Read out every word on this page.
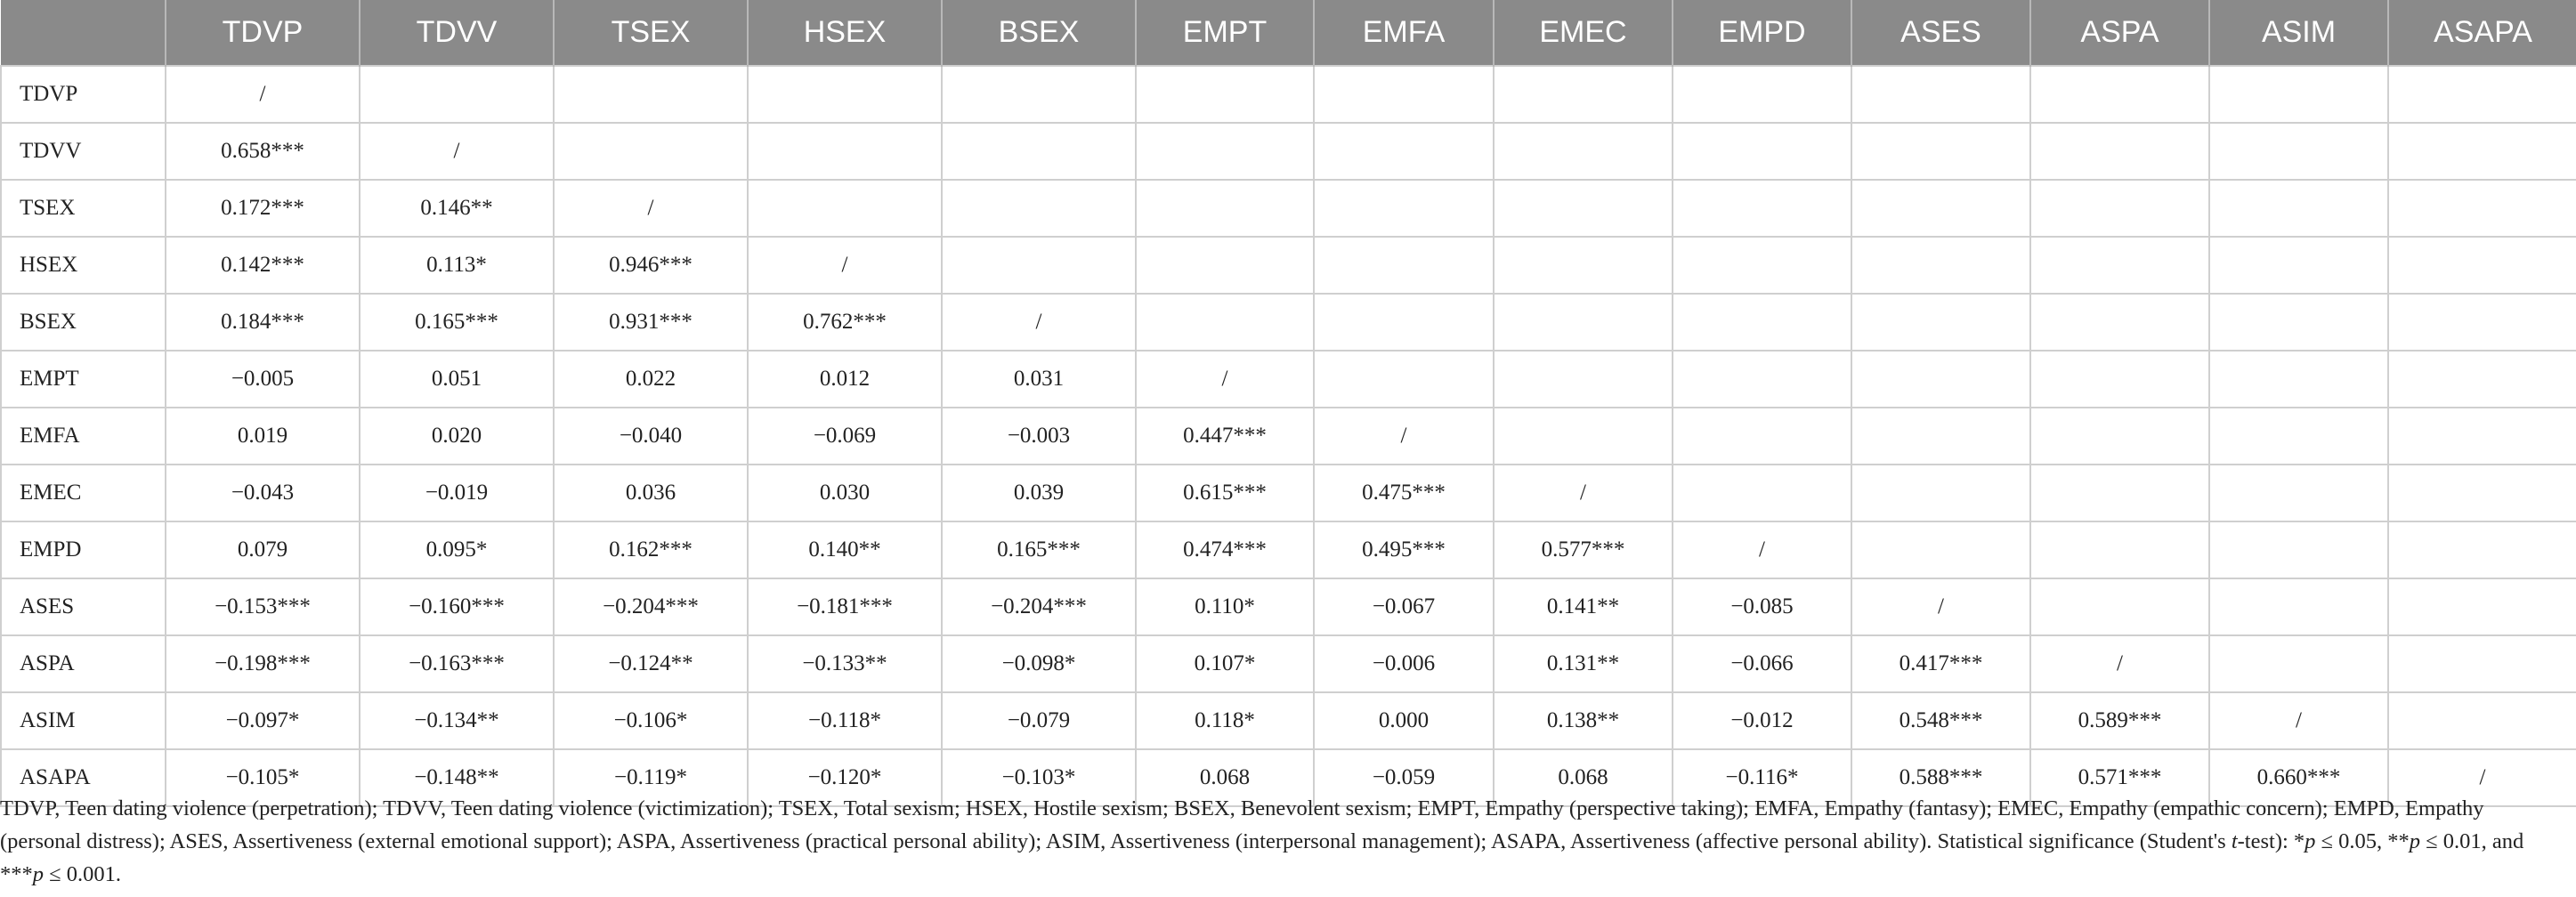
	TDVP	TDVV	TSEX	HSEX	BSEX	EMPT	EMFA	EMEC	EMPD	ASES	ASPA	ASIM	ASAPA
TDVP	/												
TDVV	0.658***	/											
TSEX	0.172***	0.146**	/										
HSEX	0.142***	0.113*	0.946***	/									
BSEX	0.184***	0.165***	0.931***	0.762***	/								
EMPT	−0.005	0.051	0.022	0.012	0.031	/							
EMFA	0.019	0.020	−0.040	−0.069	−0.003	0.447***	/						
EMEC	−0.043	−0.019	0.036	0.030	0.039	0.615***	0.475***	/					
EMPD	0.079	0.095*	0.162***	0.140**	0.165***	0.474***	0.495***	0.577***	/				
ASES	−0.153***	−0.160***	−0.204***	−0.181***	−0.204***	0.110*	−0.067	0.141**	−0.085	/			
ASPA	−0.198***	−0.163***	−0.124**	−0.133**	−0.098*	0.107*	−0.006	0.131**	−0.066	0.417***	/		
ASIM	−0.097*	−0.134**	−0.106*	−0.118*	−0.079	0.118*	0.000	0.138**	−0.012	0.548***	0.589***	/	
ASAPA	−0.105*	−0.148**	−0.119*	−0.120*	−0.103*	0.068	−0.059	0.068	−0.116*	0.588***	0.571***	0.660***	/
TDVP, Teen dating violence (perpetration); TDVV, Teen dating violence (victimization); TSEX, Total sexism; HSEX, Hostile sexism; BSEX, Benevolent sexism; EMPT, Empathy (perspective taking); EMFA, Empathy (fantasy); EMEC, Empathy (empathic concern); EMPD, Empathy (personal distress); ASES, Assertiveness (external emotional support); ASPA, Assertiveness (practical personal ability); ASIM, Assertiveness (interpersonal management); ASAPA, Assertiveness (affective personal ability). Statistical significance (Student's t-test): *p ≤ 0.05, **p ≤ 0.01, and ***p ≤ 0.001.
